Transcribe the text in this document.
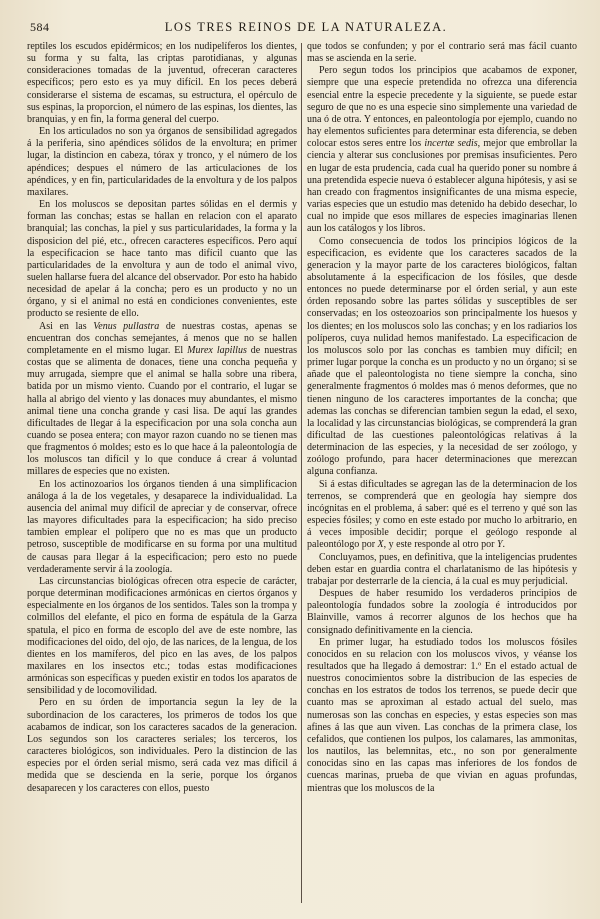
584	LOS TRES REINOS DE LA NATURALEZA.

reptiles los escudos epidérmicos; en los nudipelíferos los dientes, su forma y su falta, las criptas parotidianas, y algunas consideraciones tomadas de la juventud, ofreceran caracteres específicos; pero esto es ya muy difícil. En los peces deberá considerarse el sistema de escamas, su estructura, el opérculo de sus espinas, la proporcion, el número de las espinas, los dientes, las branquias, y en fin, la forma general del cuerpo.

En los articulados no son ya órganos de sensibilidad agregados á la periferia, sino apéndices sólidos de la envoltura; en primer lugar, la distincion en cabeza, tórax y tronco, y el número de los apéndices; despues el número de las articulaciones de los apéndices, y en fin, particularidades de la envoltura y de los palpos maxilares.

En los moluscos se depositan partes sólidas en el dermis y forman las conchas; estas se hallan en relacion con el aparato branquial; las conchas, la piel y sus particularidades, la forma y la disposicion del pié, etc., ofrecen caracteres específicos. Pero aquí la especificacion se hace tanto mas difícil cuanto que las particularidades de la envoltura y aun de todo el animal vivo, suelen hallarse fuera del alcance del observador. Por esto ha habido necesidad de apelar á la concha; pero es un producto y no un órgano, y si el animal no está en condiciones convenientes, este producto se resiente de ello.

Asi en las Venus pullastra de nuestras costas, apenas se encuentran dos conchas semejantes, á menos que no se hallen completamente en el mismo lugar. El Murex lapillus de nuestras costas que se alimenta de donaces, tiene una concha pequeña y muy arrugada, siempre que el animal se halla sobre una ribera, batida por un mismo viento. Cuando por el contrario, el lugar se halla al abrigo del viento y las donaces muy abundantes, el mismo animal tiene una concha grande y casi lisa. De aquí las grandes dificultades de llegar á la especificacion por una sola concha aun cuando se posea entera; con mayor razon cuando no se tienen mas que fragmentos ó moldes; esto es lo que hace á la paleontología de los moluscos tan difícil y lo que conduce á crear á voluntad millares de especies que no existen.

En los actinozoarios los órganos tienden á una simplificacion análoga á la de los vegetales, y desaparece la individualidad. La ausencia del animal muy difícil de apreciar y de conservar, ofrece las mayores dificultades para la especificacion; ha sido preciso tambien emplear el polípero que no es mas que un producto petroso, susceptible de modificarse en su forma por una multitud de causas para llegar á la especificacion; pero esto no puede verdaderamente servir á la zoología.

Las circunstancias biológicas ofrecen otra especie de carácter, porque determinan modificaciones armónicas en ciertos órganos y especialmente en los órganos de los sentidos. Tales son la trompa y colmillos del elefante, el pico en forma de espátula de la Garza spatula, el pico en forma de escoplo del ave de este nombre, las modificaciones del oido, del ojo, de las narices, de la lengua, de los dientes en los mamíferos, del pico en las aves, de los palpos maxilares en los insectos etc.; todas estas modificaciones armónicas son específicas y pueden existir en todos los aparatos de sensibilidad y de locomovilidad.

Pero en su órden de importancia segun la ley de la subordinacion de los caracteres, los primeros de todos los que acabamos de indicar, son los caracteres sacados de la generacion. Los segundos son los caracteres seriales; los terceros, los caracteres biológicos, son individuales. Pero la distincion de las especies por el órden serial mismo, será cada vez mas difícil á medida que se descienda en la serie, porque los órganos desaparecen y los caracteres con ellos, puesto

que todos se confunden; y por el contrario será mas fácil cuanto mas se ascienda en la serie.

Pero segun todos los principios que acabamos de exponer, siempre que una especie pretendida no ofrezca una diferencia esencial entre la especie precedente y la siguiente, se puede estar seguro de que no es una especie sino simplemente una variedad de una ó de otra. Y entonces, en paleontología por ejemplo, cuando no hay elementos suficientes para determinar esta diferencia, se deben colocar estos seres entre los incertæ sedis, mejor que embrollar la ciencia y alterar sus conclusiones por premisas insuficientes. Pero en lugar de esta prudencia, cada cual ha querido poner su nombre á una pretendida especie nueva ó establecer alguna hipótesis, y asi se han creado con fragmentos insignificantes de una misma especie, varias especies que un estudio mas detenido ha debido desechar, lo cual no impide que esos millares de especies imaginarias llenen aun los catálogos y los libros.

Como consecuencia de todos los principios lógicos de la especificacion, es evidente que los caracteres sacados de la generacion y la mayor parte de los caracteres biológicos, faltan absolutamente á la especificacion de los fósiles, que desde entonces no puede determinarse por el órden serial, y aun este órden reposando sobre las partes sólidas y susceptibles de ser conservadas; en los osteozoarios son principalmente los huesos y los dientes; en los moluscos solo las conchas; y en los radiarios los políperos, cuya nulidad hemos manifestado. La especificacion de los moluscos solo por las conchas es tambien muy difícil; en primer lugar porque la concha es un producto y no un órgano; si se añade que el paleontologista no tiene siempre la concha, sino generalmente fragmentos ó moldes mas ó menos deformes, que no tienen ninguno de los caracteres importantes de la concha; que ademas las conchas se diferencian tambien segun la edad, el sexo, la localidad y las circunstancias biológicas, se comprenderá la gran dificultad de las cuestiones paleontológicas relativas á la determinacion de las especies, y la necesidad de ser zoólogo, y zoólogo profundo, para hacer determinaciones que merezcan alguna confianza.

Si á estas dificultades se agregan las de la determinacion de los terrenos, se comprenderá que en geología hay siempre dos incógnitas en el problema, á saber: qué es el terreno y qué son las especies fósiles; y como en este estado por mucho lo arbitrario, en á veces imposible decidir; porque el geólogo responde al paleontólogo por X, y este responde al otro por Y.

Concluyamos, pues, en definitiva, que la inteligencias prudentes deben estar en guardia contra el charlatanismo de las hipótesis y trabajar por desterrarle de la ciencia, á la cual es muy perjudicial.

Despues de haber resumido los verdaderos principios de paleontología fundados sobre la zoología é introducidos por Blainville, vamos á recorrer algunos de los hechos que ha consignado definitivamente en la ciencia.

En primer lugar, ha estudiado todos los moluscos fósiles conocidos en su relacion con los moluscos vivos, y véanse los resultados que ha llegado á demostrar: 1.º En el estado actual de nuestros conocimientos sobre la distribucion de las especies de conchas en los estratos de todos los terrenos, se puede decir que cuanto mas se aproximan al estado actual del suelo, mas numerosas son las conchas en especies, y estas especies son mas afines á las que aun viven. Las conchas de la primera clase, los cefalidos, que contienen los pulpos, los calamares, las ammonitas, los nautilos, las belemnitas, etc., no son por generalmente conocidas sino en las capas mas inferiores de los fondos de cuencas marinas, prueba de que vivian en aguas profundas, mientras que los moluscos de la
